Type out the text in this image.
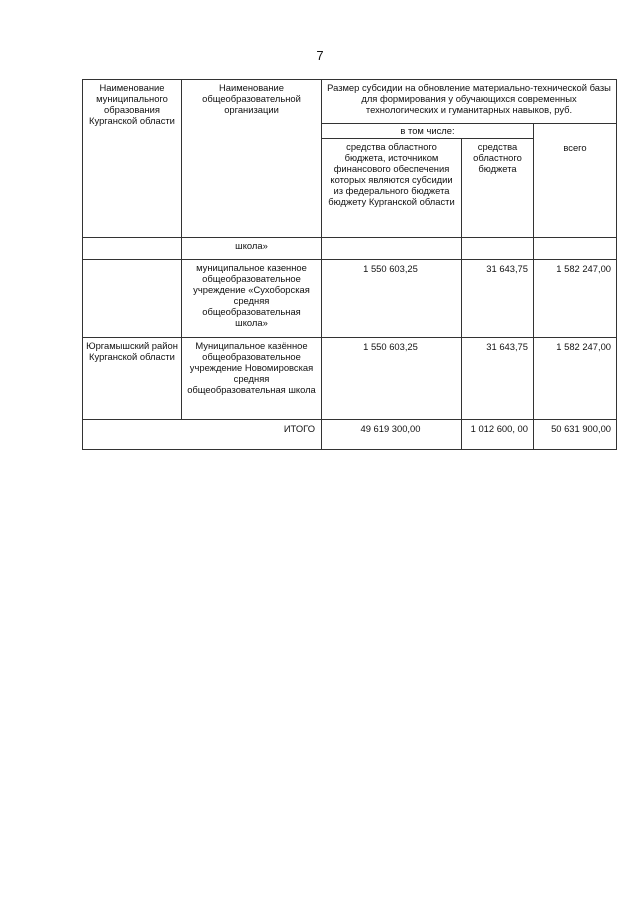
7
Наименование муниципального образования Курганской области	Наименование общеобразовательной организации	Размер субсидии на обновление материально-технической базы для формирования у обучающихся современных технологических и гуманитарных навыков, руб.		
		в том числе:		всего
		средства областного бюджета, источником финансового обеспечения которых являются субсидии из федерального бюджета бюджету Курганской области	средства областного бюджета	
	школа»			
	муниципальное казенное общеобразовательное учреждение «Сухоборская средняя общеобразовательная школа»	1 550 603,25	31 643,75	1 582 247,00
Юргамышский район Курганской области	Муниципальное казённое общеобразовательное учреждение Новомировская средняя общеобразовательная школа	1 550 603,25	31 643,75	1 582 247,00
ИТОГО		49 619 300,00	1 012 600, 00	50 631 900,00
